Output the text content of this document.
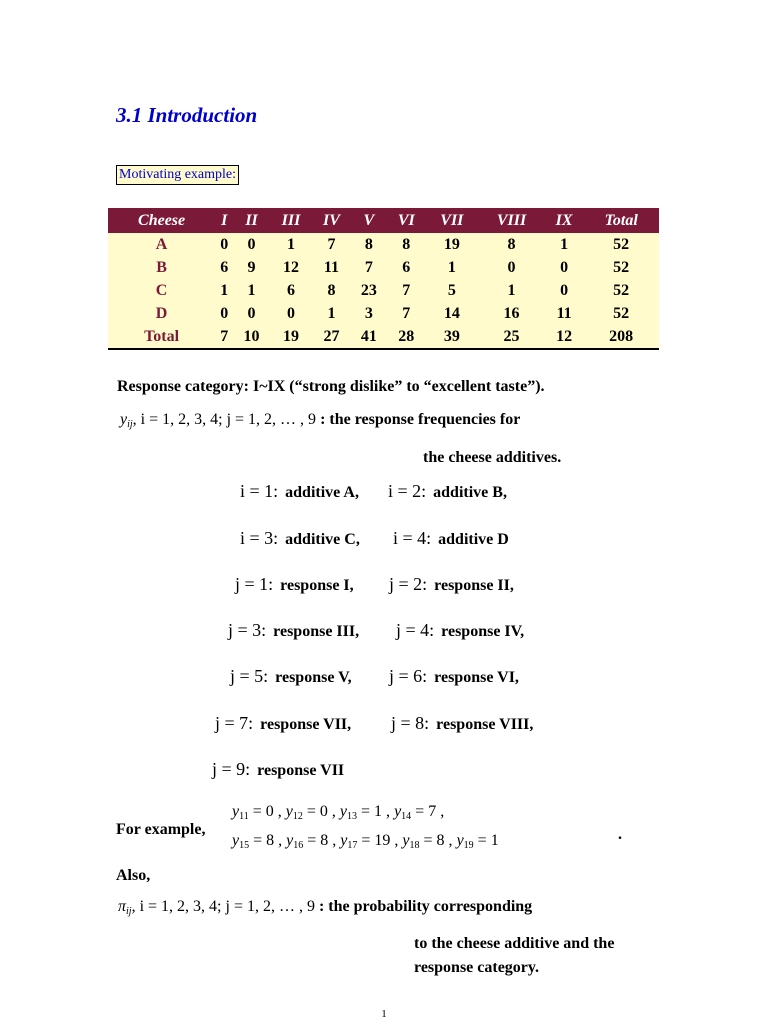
3.1 Introduction
Motivating example:
Cheese	I	II	III	IV	V	VI	VII	VIII	IX	Total
A	0	0	1	7	8	8	19	8	1	52
B	6	9	12	11	7	6	1	0	0	52
C	1	1	6	8	23	7	5	1	0	52
D	0	0	0	1	3	7	14	16	11	52
Total	7	10	19	27	41	28	39	25	12	208
Response category: I~IX (“strong dislike” to “excellent taste”).
$y_{ij}$, i = 1, 2, 3, 4; j = 1, 2, … , 9 : the response frequencies for
the cheese additives.
i = 1: additive A, i = 2: additive B,
i = 3: additive C, i = 4: additive D
j = 1: response I, j = 2: response II,
j = 3: response III, j = 4: response IV,
j = 5: response V, j = 6: response VI,
j = 7: response VII, j = 8: response VIII,
j = 9: response VII
For example,
$y_{11} = 0$ , $y_{12} = 0$ , $y_{13} = 1$ , $y_{14} = 7$ ,
$y_{15} = 8$ , $y_{16} = 8$ , $y_{17} = 19$ , $y_{18} = 8$ , $y_{19} = 1$	.
Also,
$\pi_{ij}$, i = 1, 2, 3, 4; j = 1, 2, … , 9 : the probability corresponding
to the cheese additive and the
response category.
1
